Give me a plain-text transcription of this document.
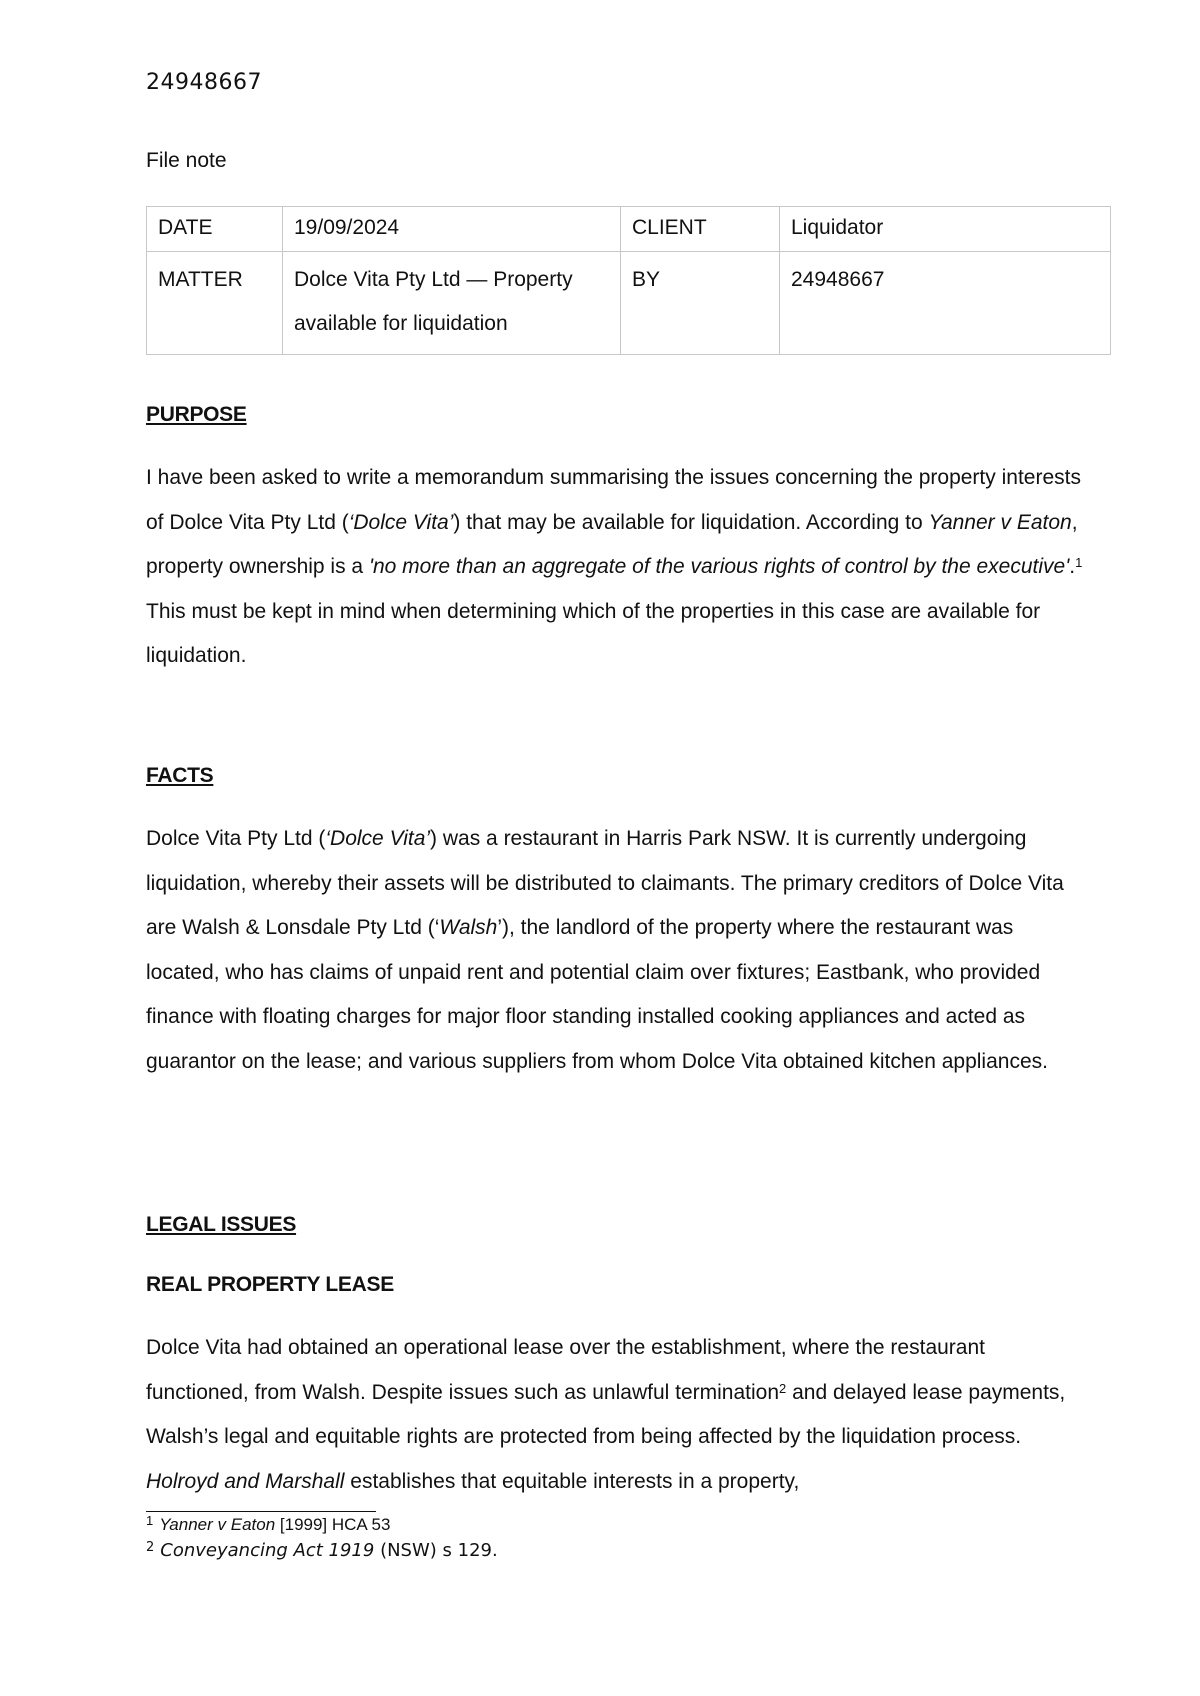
24948667
File note
DATE	19/09/2024	CLIENT	Liquidator
MATTER	Dolce Vita Pty Ltd — Property available for liquidation	BY	24948667
PURPOSE

I have been asked to write a memorandum summarising the issues concerning the property interests of Dolce Vita Pty Ltd (‘Dolce Vita’) that may be available for liquidation. According to Yanner v Eaton, property ownership is a 'no more than an aggregate of the various rights of control by the executive'.$^1$ This must be kept in mind when determining which of the properties in this case are available for liquidation.

FACTS

Dolce Vita Pty Ltd (‘Dolce Vita’) was a restaurant in Harris Park NSW. It is currently undergoing liquidation, whereby their assets will be distributed to claimants. The primary creditors of Dolce Vita are Walsh & Lonsdale Pty Ltd (‘Walsh’), the landlord of the property where the restaurant was located, who has claims of unpaid rent and potential claim over fixtures; Eastbank, who provided finance with floating charges for major floor standing installed cooking appliances and acted as guarantor on the lease; and various suppliers from whom Dolce Vita obtained kitchen appliances.

LEGAL ISSUES
REAL PROPERTY LEASE

Dolce Vita had obtained an operational lease over the establishment, where the restaurant functioned, from Walsh. Despite issues such as unlawful termination$^2$ and delayed lease payments, Walsh’s legal and equitable rights are protected from being affected by the liquidation process. Holroyd and Marshall establishes that equitable interests in a property,

$^1$ Yanner v Eaton [1999] HCA 53
$^2$ Conveyancing Act 1919 (NSW) s 129.
